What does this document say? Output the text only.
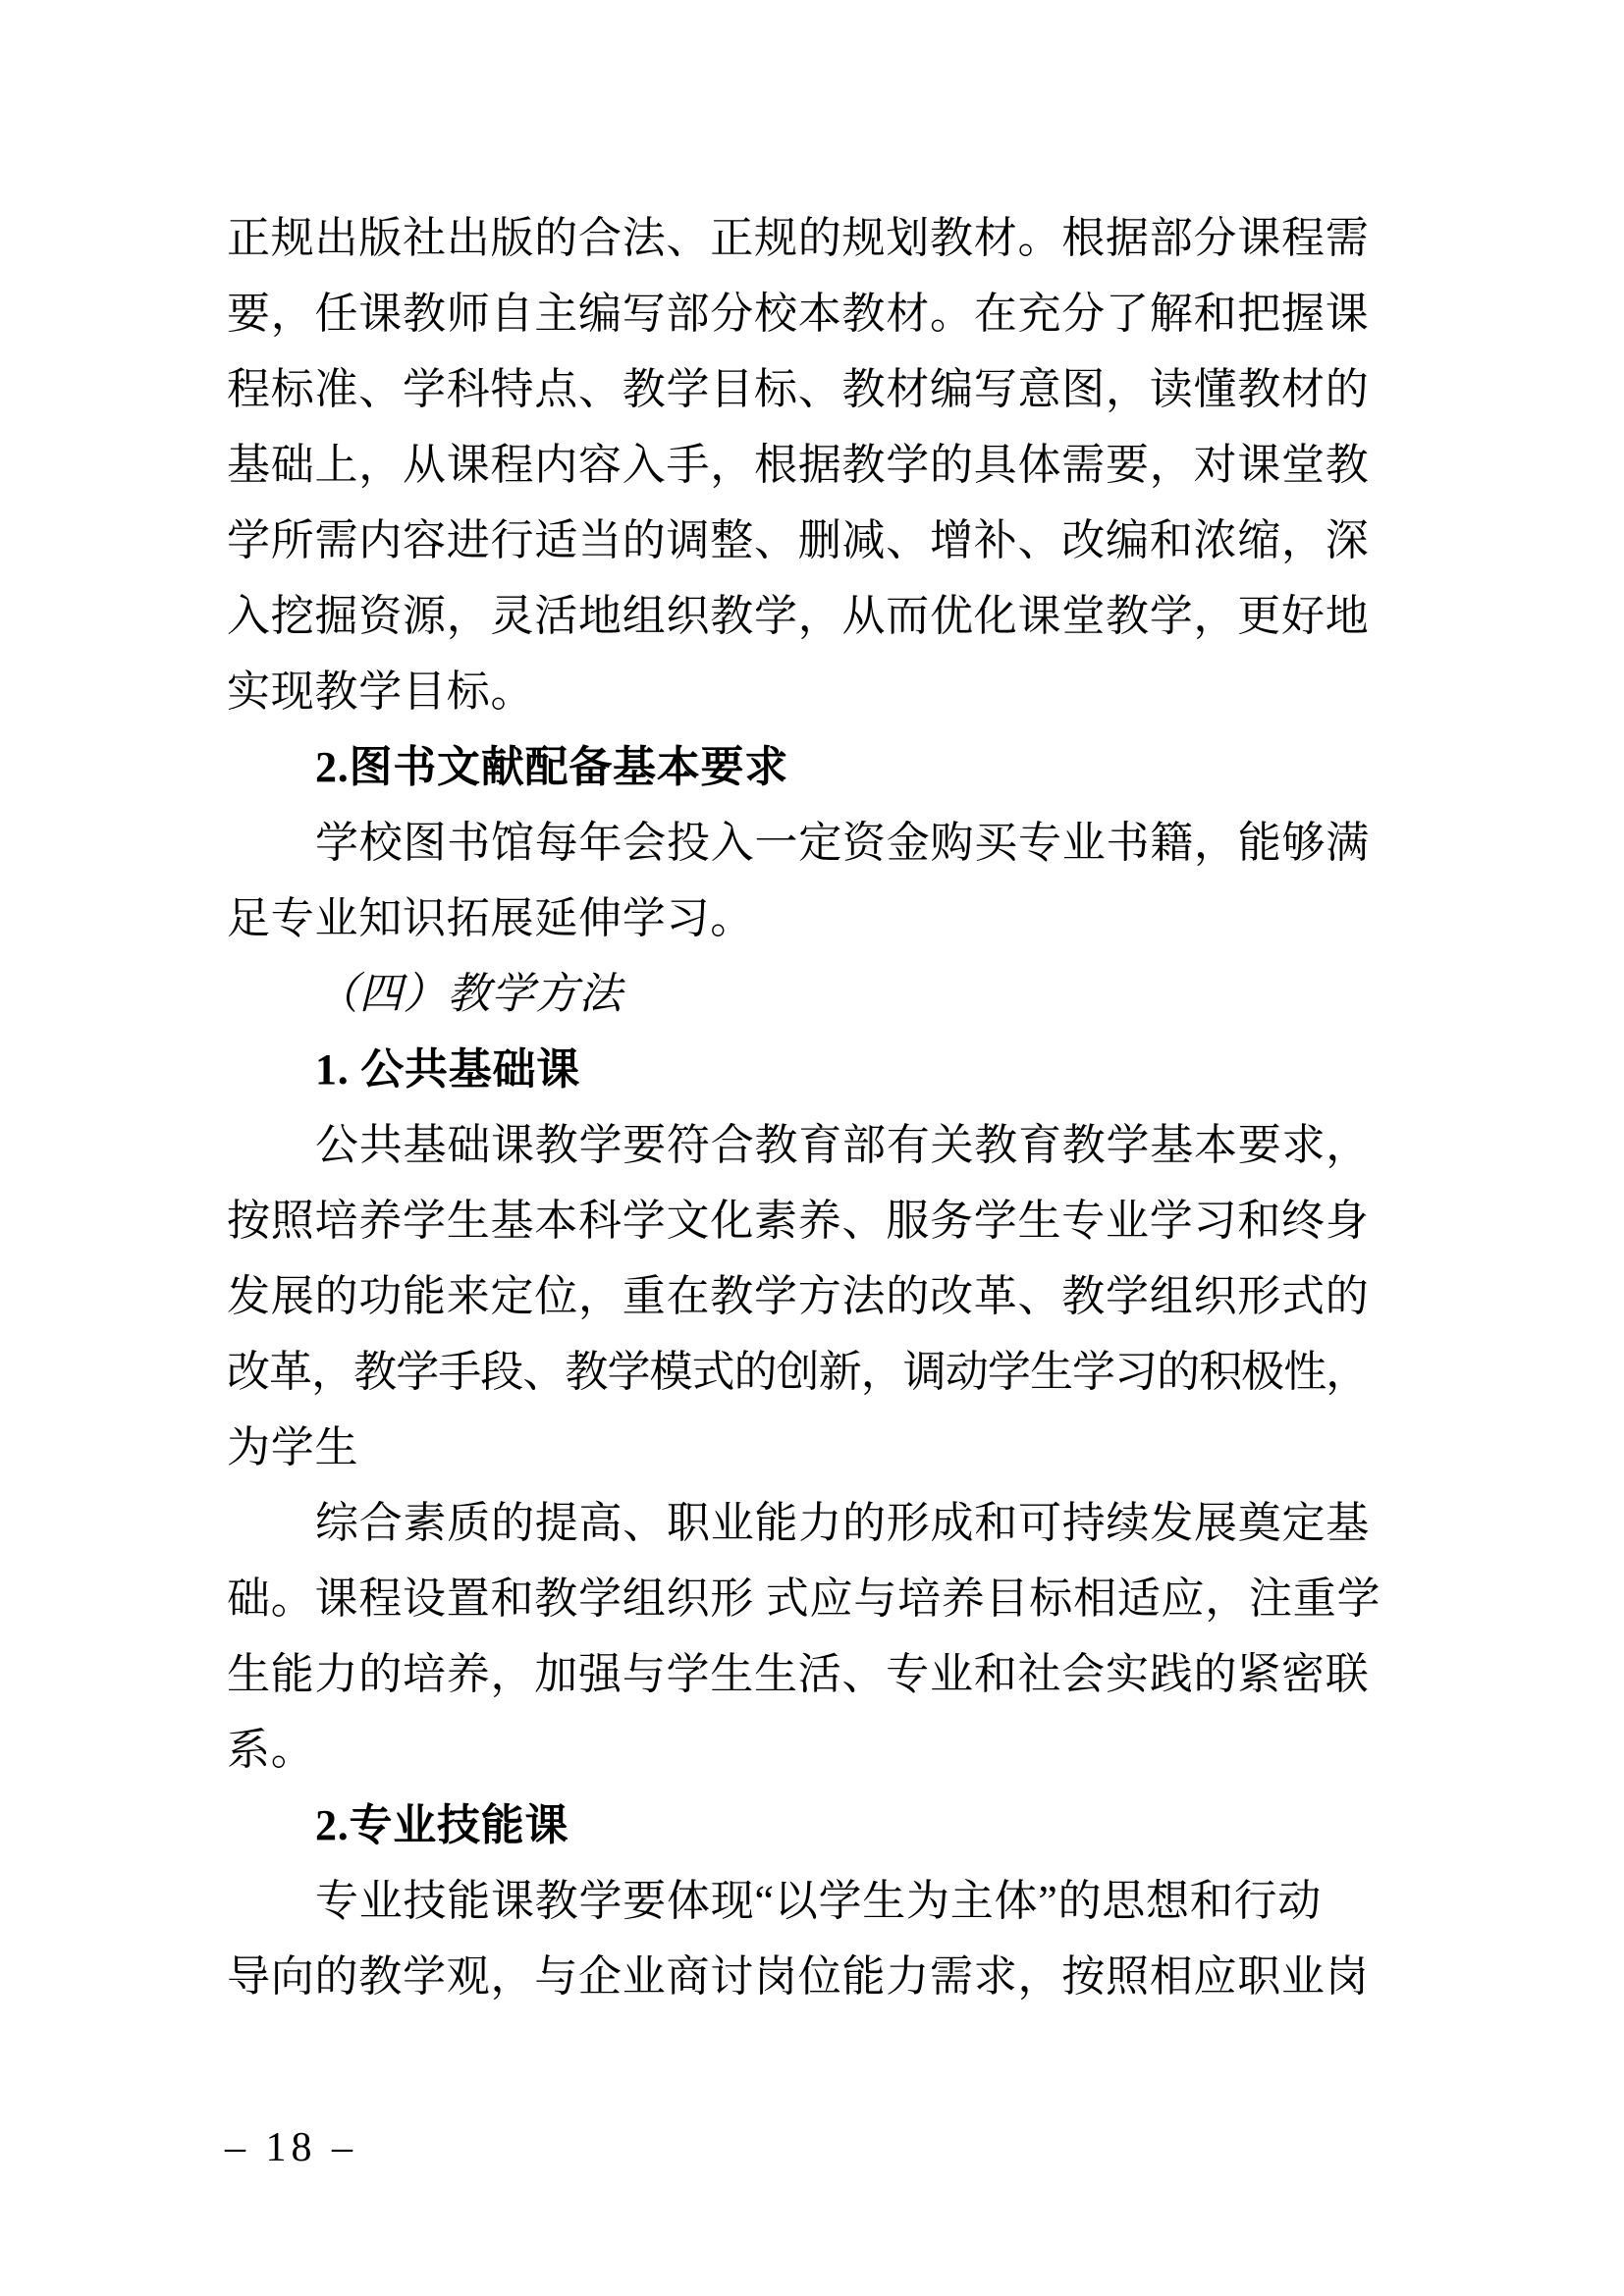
正规出版社出版的合法、正规的规划教材。根据部分课程需
要，任课教师自主编写部分校本教材。在充分了解和把握课
程标准、学科特点、教学目标、教材编写意图，读懂教材的
基础上，从课程内容入手，根据教学的具体需要，对课堂教
学所需内容进行适当的调整、删减、增补、改编和浓缩，深
入挖掘资源，灵活地组织教学，从而优化课堂教学，更好地
实现教学目标。
2.图书文献配备基本要求
学校图书馆每年会投入一定资金购买专业书籍，能够满
足专业知识拓展延伸学习。
（四）教学方法
1. 公共基础课
公共基础课教学要符合教育部有关教育教学基本要求，
按照培养学生基本科学文化素养、服务学生专业学习和终身
发展的功能来定位，重在教学方法的改革、教学组织形式的
改革，教学手段、教学模式的创新，调动学生学习的积极性，
为学生
综合素质的提高、职业能力的形成和可持续发展奠定基
础。课程设置和教学组织形 式应与培养目标相适应，注重学
生能力的培养，加强与学生生活、专业和社会实践的紧密联
系。
2.专业技能课
专业技能课教学要体现“以学生为主体”的思想和行动
导向的教学观，与企业商讨岗位能力需求，按照相应职业岗
– 18 –
